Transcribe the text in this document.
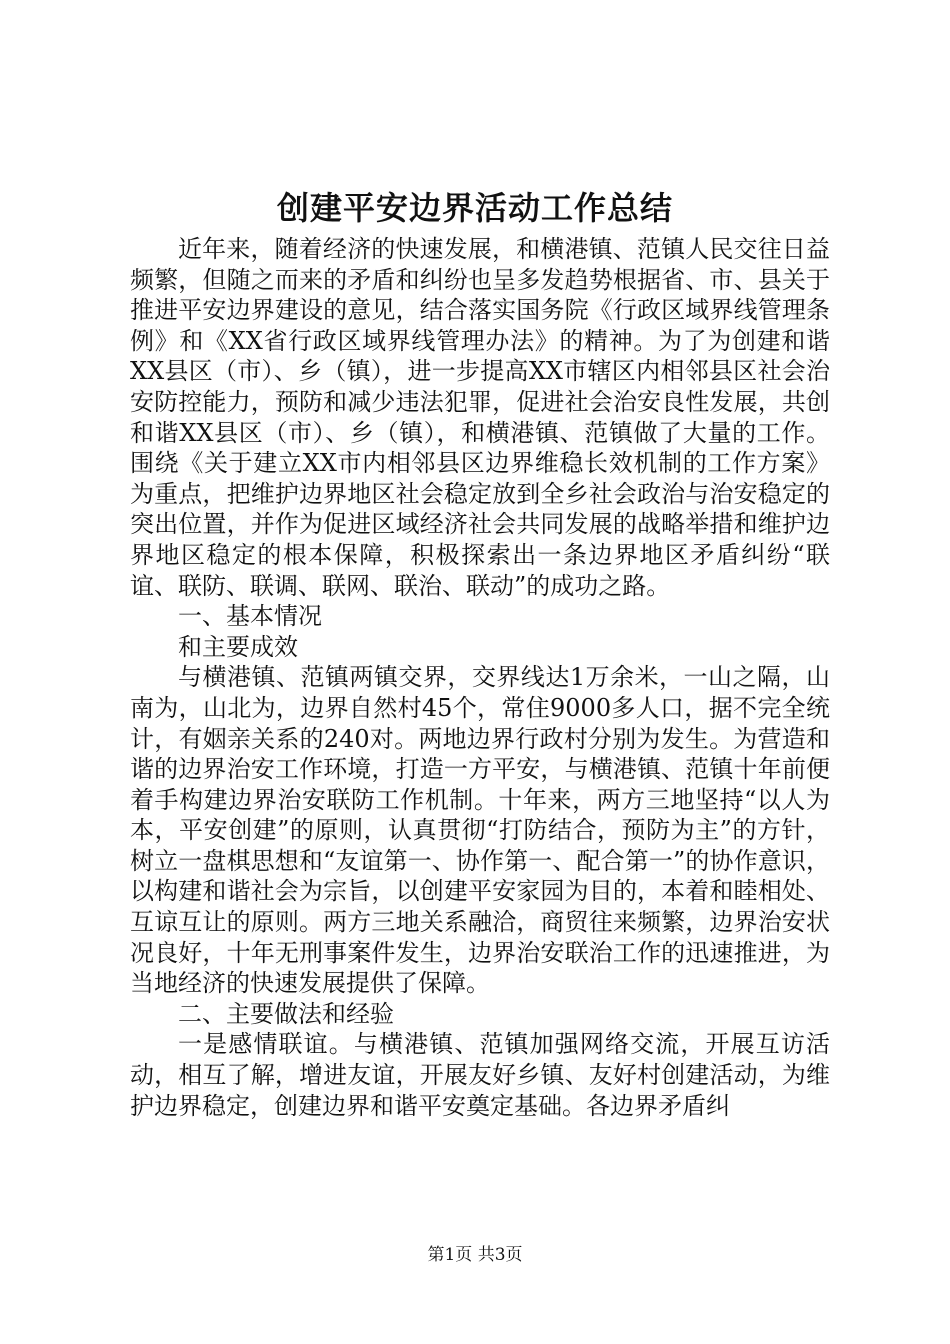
创建平安边界活动工作总结

近年来，随着经济的快速发展，和横港镇、范镇人民交往日益频繁，但随之而来的矛盾和纠纷也呈多发趋势根据省、市、县关于推进平安边界建设的意见，结合落实国务院《行政区域界线管理条例》和《XX省行政区域界线管理办法》的精神。为了为创建和谐XX县区（市）、乡（镇），进一步提高XX市辖区内相邻县区社会治安防控能力，预防和减少违法犯罪，促进社会治安良性发展，共创和谐XX县区（市）、乡（镇），和横港镇、范镇做了大量的工作。围绕《关于建立XX市内相邻县区边界维稳长效机制的工作方案》为重点，把维护边界地区社会稳定放到全乡社会政治与治安稳定的突出位置，并作为促进区域经济社会共同发展的战略举措和维护边界地区稳定的根本保障，积极探索出一条边界地区矛盾纠纷“联谊、联防、联调、联网、联治、联动”的成功之路。

一、基本情况

和主要成效

与横港镇、范镇两镇交界，交界线达1万余米，一山之隔，山南为，山北为，边界自然村45个，常住9000多人口，据不完全统计，有姻亲关系的240对。两地边界行政村分别为发生。为营造和谐的边界治安工作环境，打造一方平安，与横港镇、范镇十年前便着手构建边界治安联防工作机制。十年来，两方三地坚持“以人为本，平安创建”的原则，认真贯彻“打防结合，预防为主”的方针，树立一盘棋思想和“友谊第一、协作第一、配合第一”的协作意识，以构建和谐社会为宗旨，以创建平安家园为目的，本着和睦相处、互谅互让的原则。两方三地关系融洽，商贸往来频繁，边界治安状况良好，十年无刑事案件发生，边界治安联治工作的迅速推进，为当地经济的快速发展提供了保障。

二、主要做法和经验

一是感情联谊。与横港镇、范镇加强网络交流，开展互访活动，相互了解，增进友谊，开展友好乡镇、友好村创建活动，为维护边界稳定，创建边界和谐平安奠定基础。各边界矛盾纠

第1页 共3页
